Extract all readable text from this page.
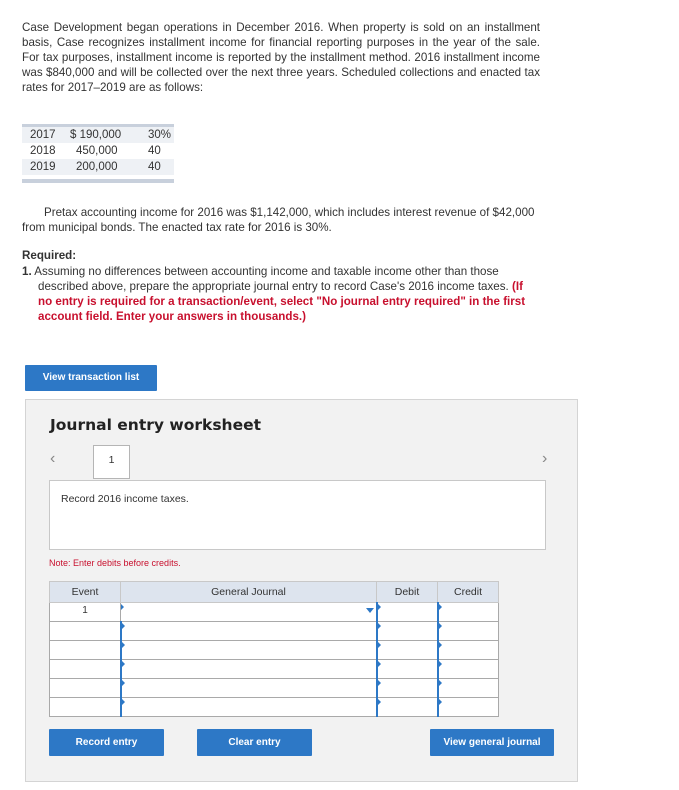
Case Development began operations in December 2016. When property is sold on an installment basis, Case recognizes installment income for financial reporting purposes in the year of the sale. For tax purposes, installment income is reported by the installment method. 2016 installment income was $840,000 and will be collected over the next three years. Scheduled collections and enacted tax rates for 2017–2019 are as follows:
2017	$ 190,000	30%
2018	450,000	40
2019	200,000	40
Pretax accounting income for 2016 was $1,142,000, which includes interest revenue of $42,000 from municipal bonds. The enacted tax rate for 2016 is 30%.
Required:
1. Assuming no differences between accounting income and taxable income other than those described above, prepare the appropriate journal entry to record Case's 2016 income taxes. (If no entry is required for a transaction/event, select "No journal entry required" in the first account field. Enter your answers in thousands.)
View transaction list
Journal entry worksheet
‹	›
1
Record 2016 income taxes.
Note: Enter debits before credits.
Event	General Journal	Debit	Credit
1	

Record entry	Clear entry	View general journal
